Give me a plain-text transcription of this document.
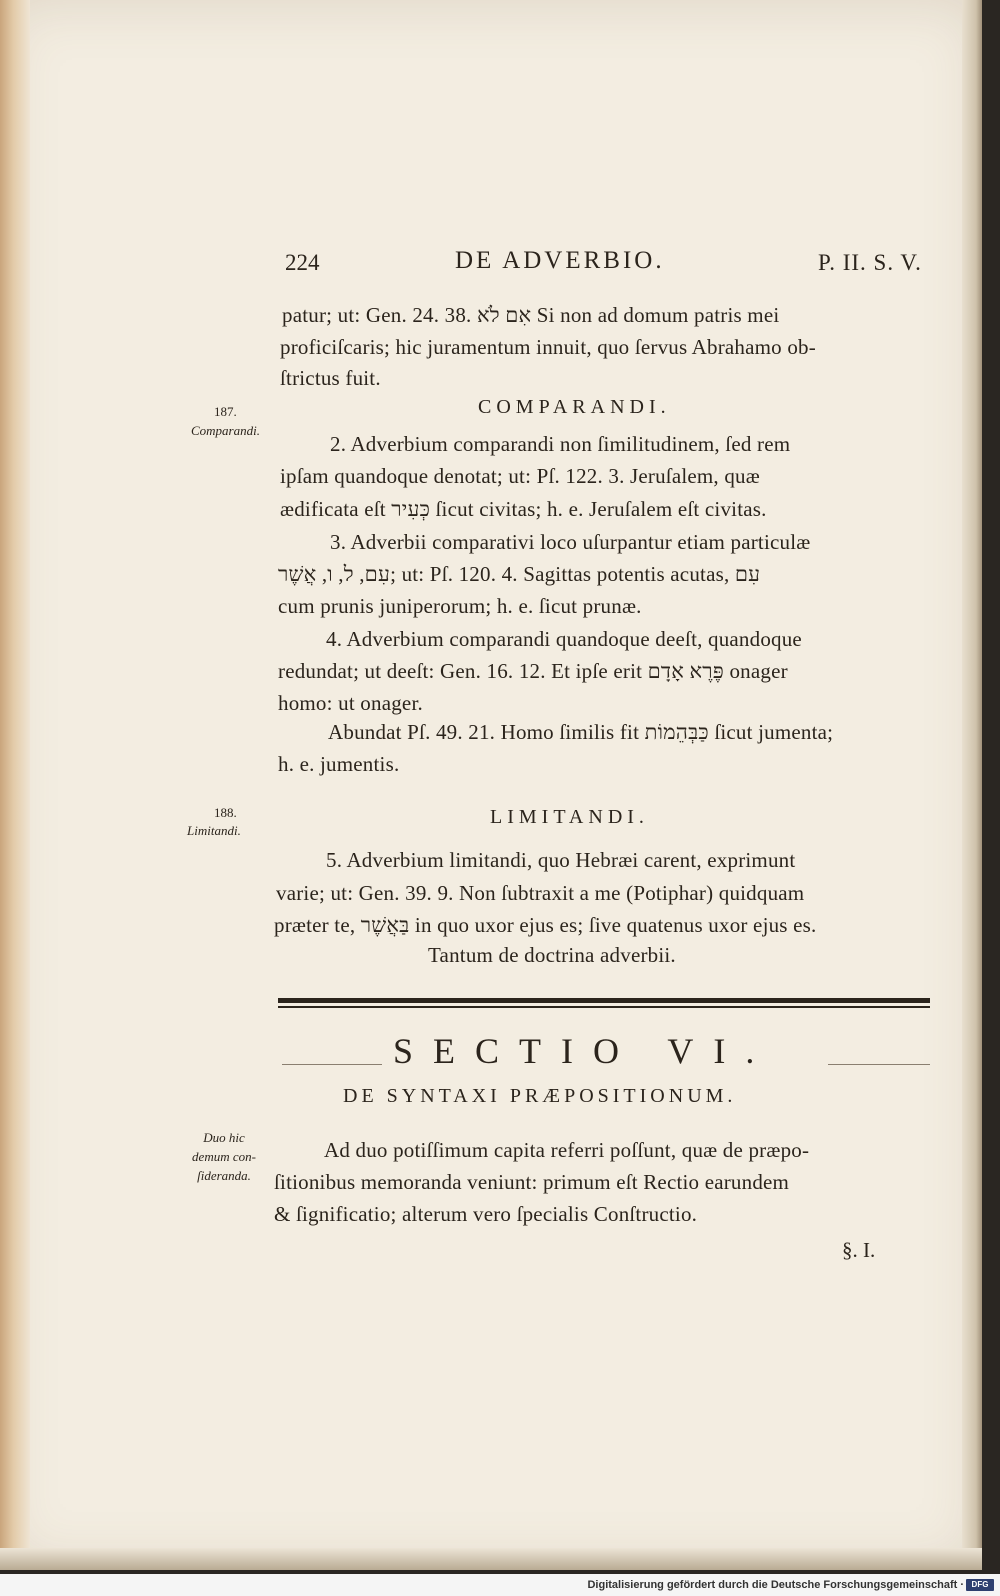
224	DE ADVERBIO.	P. II. S. V.
patur; ut: Gen. 24. 38. אִם לֹא Si non ad domum patris mei
proficiſcaris; hic juramentum innuit, quo ſervus Abrahamo ob-
ſtrictus fuit.
COMPARANDI.
2. Adverbium comparandi non ſimilitudinem, ſed rem
ipſam quandoque denotat; ut: Pſ. 122. 3. Jeruſalem, quæ
ædificata eſt כְּעִיר ſicut civitas; h. e. Jeruſalem eſt civitas.
3. Adverbii comparativi loco uſurpantur etiam particulæ
עִם, ל, ו, אֲשֶׁר; ut: Pſ. 120. 4. Sagittas potentis acutas, עִם
cum prunis juniperorum; h. e. ſicut prunæ.
4. Adverbium comparandi quandoque deeſt, quandoque
redundat; ut deeſt: Gen. 16. 12. Et ipſe erit פֶּרֶא אָדָם onager
homo: ut onager.
Abundat Pſ. 49. 21. Homo ſimilis fit כַּבְּהֵמוֹת ſicut jumenta;
h. e. jumentis.
LIMITANDI.
5. Adverbium limitandi, quo Hebræi carent, exprimunt
varie; ut: Gen. 39. 9. Non ſubtraxit a me (Potiphar) quidquam
præter te, בַּאֲשֶׁר in quo uxor ejus es; ſive quatenus uxor ejus es.
Tantum de doctrina adverbii.
SECTIO VI.
DE SYNTAXI PRÆPOSITIONUM.
Ad duo potiſſimum capita referri poſſunt, quæ de præpo-
ſitionibus memoranda veniunt: primum eſt Rectio earundem
& ſignificatio; alterum vero ſpecialis Conſtructio.
§. I.
187.
Comparandi.
188.
Limitandi.
Duo hic
demum con-
ſideranda.
Digitalisierung gefördert durch die Deutsche Forschungsgemeinschaft · DFG
